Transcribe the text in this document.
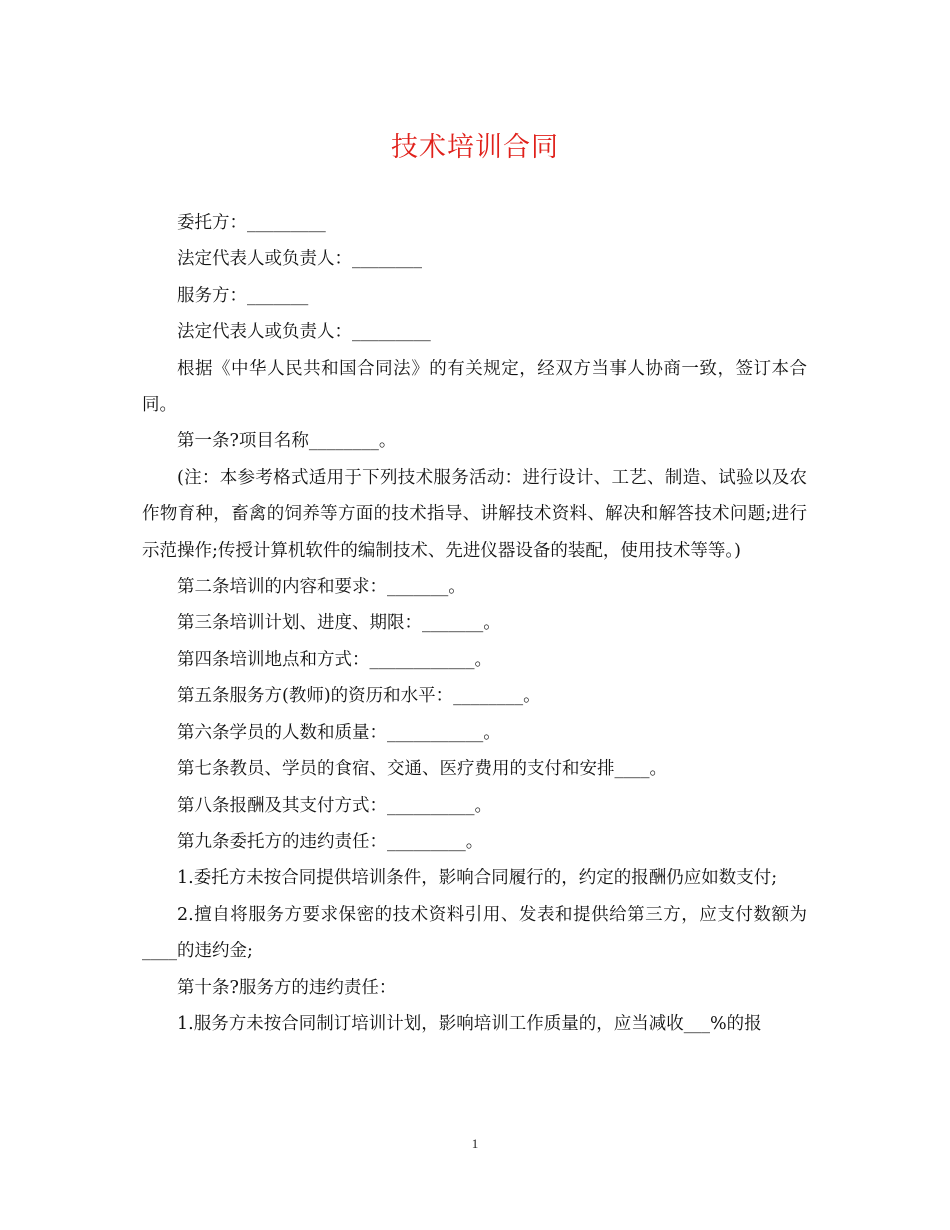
技术培训合同

委托方：_________

法定代表人或负责人：________

服务方：_______

法定代表人或负责人：_________

根据《中华人民共和国合同法》的有关规定，经双方当事人协商一致，签订本合同。

第一条?项目名称________。

(注：本参考格式适用于下列技术服务活动：进行设计、工艺、制造、试验以及农作物育种，畜禽的饲养等方面的技术指导、讲解技术资料、解决和解答技术问题;进行示范操作;传授计算机软件的编制技术、先进仪器设备的装配，使用技术等等。)

第二条培训的内容和要求：_______。

第三条培训计划、进度、期限：_______。

第四条培训地点和方式：____________。

第五条服务方(教师)的资历和水平：________。

第六条学员的人数和质量：___________。

第七条教员、学员的食宿、交通、医疗费用的支付和安排____。

第八条报酬及其支付方式：__________。

第九条委托方的违约责任：_________。

1.委托方未按合同提供培训条件，影响合同履行的，约定的报酬仍应如数支付;

2.擅自将服务方要求保密的技术资料引用、发表和提供给第三方，应支付数额为____的违约金;

第十条?服务方的违约责任：

1.服务方未按合同制订培训计划，影响培训工作质量的，应当减收___%的报

1
